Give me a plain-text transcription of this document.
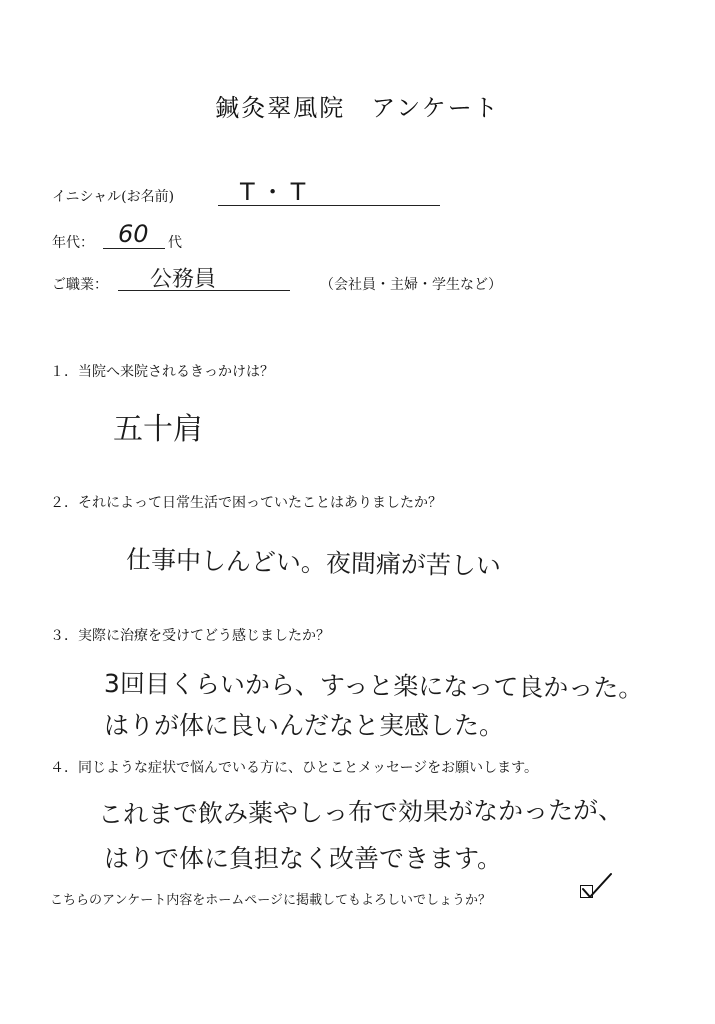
鍼灸翠風院　アンケート
イニシャル(お名前)	T・T
年代： 60 代
ご職業： 公務員	（会社員・主婦・学生など）
１．当院へ来院されるきっかけは？
五十肩
２．それによって日常生活で困っていたことはありましたか？
仕事中しんどい。夜間痛が苦しい
３．実際に治療を受けてどう感じましたか？
3回目くらいから、すっと楽になって良かった。
はりが体に良いんだなと実感した。
４．同じような症状で悩んでいる方に、ひとことメッセージをお願いします。
これまで飲み薬やしっ布で効果がなかったが、
はりで体に負担なく改善できます。
こちらのアンケート内容をホームページに掲載してもよろしいでしょうか？
